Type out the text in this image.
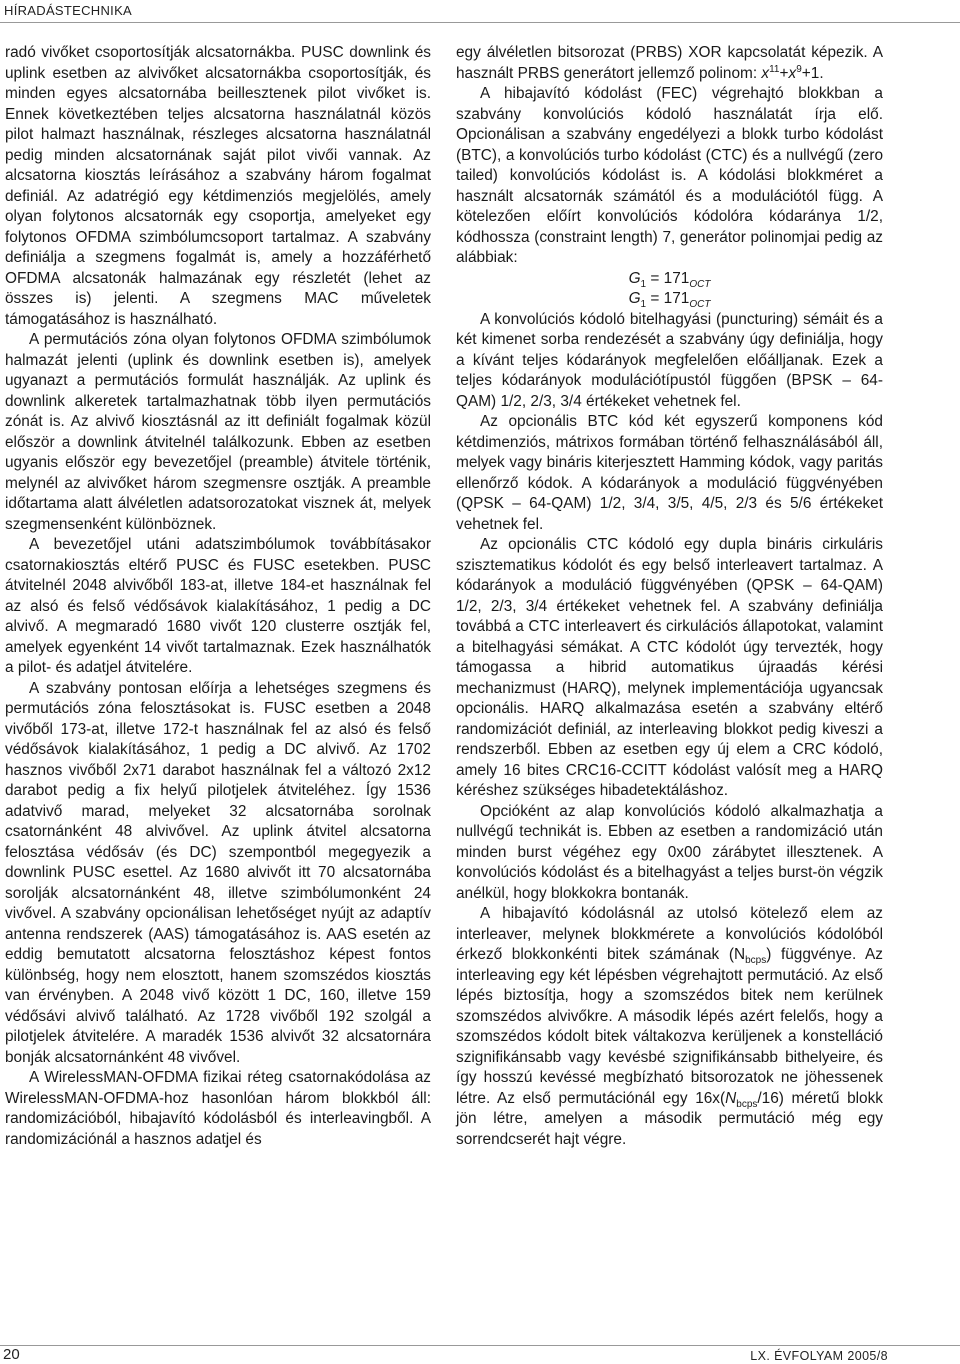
HÍRADÁSTECHNIKA

radó vivőket csoportosítják alcsatornákba. PUSC downlink és uplink esetben az alvivőket alcsatornákba csoportosítják, és minden egyes alcsatornába beillesztenek pilot vivőket is. Ennek következtében teljes alcsatorna használatnál közös pilot halmazt használnak, részleges alcsatorna használatnál pedig minden alcsatornának saját pilot vivői vannak. Az alcsatorna kiosztás leírásához a szabvány három fogalmat definiál. Az adatrégió egy kétdimenziós megjelölés, amely olyan folytonos alcsatornák egy csoportja, amelyeket egy folytonos OFDMA szimbólumcsoport tartalmaz. A szabvány definiálja a szegmens fogalmát is, amely a hozzáférhető OFDMA alcsatonák halmazának egy részletét (lehet az összes is) jelenti. A szegmens MAC műveletek támogatásához is használható.

A permutációs zóna olyan folytonos OFDMA szimbólumok halmazát jelenti (uplink és downlink esetben is), amelyek ugyanazt a permutációs formulát használják. Az uplink és downlink alkeretek tartalmazhatnak több ilyen permutációs zónát is. Az alvivő kiosztásnál az itt definiált fogalmak közül először a downlink átvitelnél találkozunk. Ebben az esetben ugyanis először egy bevezetőjel (preamble) átvitele történik, melynél az alvivőket három szegmensre osztják. A preamble időtartama alatt álvéletlen adatsorozatokat visznek át, melyek szegmensenként különböznek.

A bevezetőjel utáni adatszimbólumok továbbításakor csatornakiosztás eltérő PUSC és FUSC esetekben. PUSC átvitelnél 2048 alvivőből 183-at, illetve 184-et használnak fel az alsó és felső védősávok kialakításához, 1 pedig a DC alvivő. A megmaradó 1680 vivőt 120 clusterre osztják fel, amelyek egyenként 14 vivőt tartalmaznak. Ezek használhatók a pilot- és adatjel átvitelére.

A szabvány pontosan előírja a lehetséges szegmens és permutációs zóna felosztásokat is. FUSC esetben a 2048 vivőből 173-at, illetve 172-t használnak fel az alsó és felső védősávok kialakításához, 1 pedig a DC alvivő. Az 1702 hasznos vivőből 2x71 darabot használnak fel a változó 2x12 darabot pedig a fix helyű pilotjelek átviteléhez. Így 1536 adatvivő marad, melyeket 32 alcsatornába sorolnak csatornánként 48 alvivővel. Az uplink átvitel alcsatorna felosztása védősáv (és DC) szempontból megegyezik a downlink PUSC esettel. Az 1680 alvivőt itt 70 alcsatornába sorolják alcsatornánként 48, illetve szimbólumonként 24 vivővel. A szabvány opcionálisan lehetőséget nyújt az adaptív antenna rendszerek (AAS) támogatásához is. AAS esetén az eddig bemutatott alcsatorna felosztáshoz képest fontos különbség, hogy nem elosztott, hanem szomszédos kiosztás van érvényben. A 2048 vivő között 1 DC, 160, illetve 159 védősávi alvivő található. Az 1728 vivőből 192 szolgál a pilotjelek átvitelére. A maradék 1536 alvivőt 32 alcsatornára bonják alcsatornánként 48 vivővel.

A WirelessMAN-OFDMA fizikai réteg csatornakódolása az WirelessMAN-OFDMA-hoz hasonlóan három blokkból áll: randomizációból, hibajavító kódolásból és interleavingből. A randomizációnál a hasznos adatjel és

egy álvéletlen bitsorozat (PRBS) XOR kapcsolatát képezik. A használt PRBS generátort jellemző polinom: $x^{11}+x^9+1$.

A hibajavító kódolást (FEC) végrehajtó blokkban a szabvány konvolúciós kódoló használatát írja elő. Opcionálisan a szabvány engedélyezi a blokk turbo kódolást (BTC), a konvolúciós turbo kódolást (CTC) és a nullvégű (zero tailed) konvolúciós kódolást is. A kódolási blokkméret a használt alcsatornák számától és a modulációtól függ. A kötelezően előírt konvolúciós kódolóra kódaránya 1/2, kódhossza (constraint length) 7, generátor polinomjai pedig az alábbiak:

$G_1 = 171_{OCT}$

$G_1 = 171_{OCT}$

A konvolúciós kódoló bitelhagyási (puncturing) sémáit és a két kimenet sorba rendezését a szabvány úgy definiálja, hogy a kívánt teljes kódarányok megfelelően előálljanak. Ezek a teljes kódarányok modulációtípustól függően (BPSK – 64-QAM) 1/2, 2/3, 3/4 értékeket vehetnek fel.

Az opcionális BTC kód két egyszerű komponens kód kétdimenziós, mátrixos formában történő felhasználásából áll, melyek vagy bináris kiterjesztett Hamming kódok, vagy paritás ellenőrző kódok. A kódarányok a moduláció függvényében (QPSK – 64-QAM) 1/2, 3/4, 3/5, 4/5, 2/3 és 5/6 értékeket vehetnek fel.

Az opcionális CTC kódoló egy dupla bináris cirkuláris szisztematikus kódolót és egy belső interleavert tartalmaz. A kódarányok a moduláció függvényében (QPSK – 64-QAM) 1/2, 2/3, 3/4 értékeket vehetnek fel. A szabvány definiálja továbbá a CTC interleavert és cirkulációs állapotokat, valamint a bitelhagyási sémákat. A CTC kódolót úgy tervezték, hogy támogassa a hibrid automatikus újraadás kérési mechanizmust (HARQ), melynek implementációja ugyancsak opcionális. HARQ alkalmazása esetén a szabvány eltérő randomizációt definiál, az interleaving blokkot pedig kiveszi a rendszerből. Ebben az esetben egy új elem a CRC kódoló, amely 16 bites CRC16-CCITT kódolást valósít meg a HARQ kéréshez szükséges hibadetektáláshoz.

Opcióként az alap konvolúciós kódoló alkalmazhatja a nullvégű technikát is. Ebben az esetben a randomizáció után minden burst végéhez egy 0x00 zárábytet illesztenek. A konvolúciós kódolást és a bitelhagyást a teljes burst-ön végzik anélkül, hogy blokkokra bontanák.

A hibajavító kódolásnál az utolsó kötelező elem az interleaver, melynek blokkmérete a konvolúciós kódolóból érkező blokkonkénti bitek számának $(N_{bcps})$ függvénye. Az interleaving egy két lépésben végrehajtott permutáció. Az első lépés biztosítja, hogy a szomszédos bitek nem kerülnek szomszédos alvivőkre. A második lépés azért felelős, hogy a szomszédos kódolt bitek váltakozva kerüljenek a konstelláció szignifikánsabb vagy kevésbé szignifikánsabb bithelyeire, és így hosszú kevéssé megbízható bitsorozatok ne jöhessenek létre. Az első permutációnál egy $16x(N_{bcps}/16)$ méretű blokk jön létre, amelyen a második permutáció még egy sorrendcserét hajt végre.

20	LX. ÉVFOLYAM 2005/8
